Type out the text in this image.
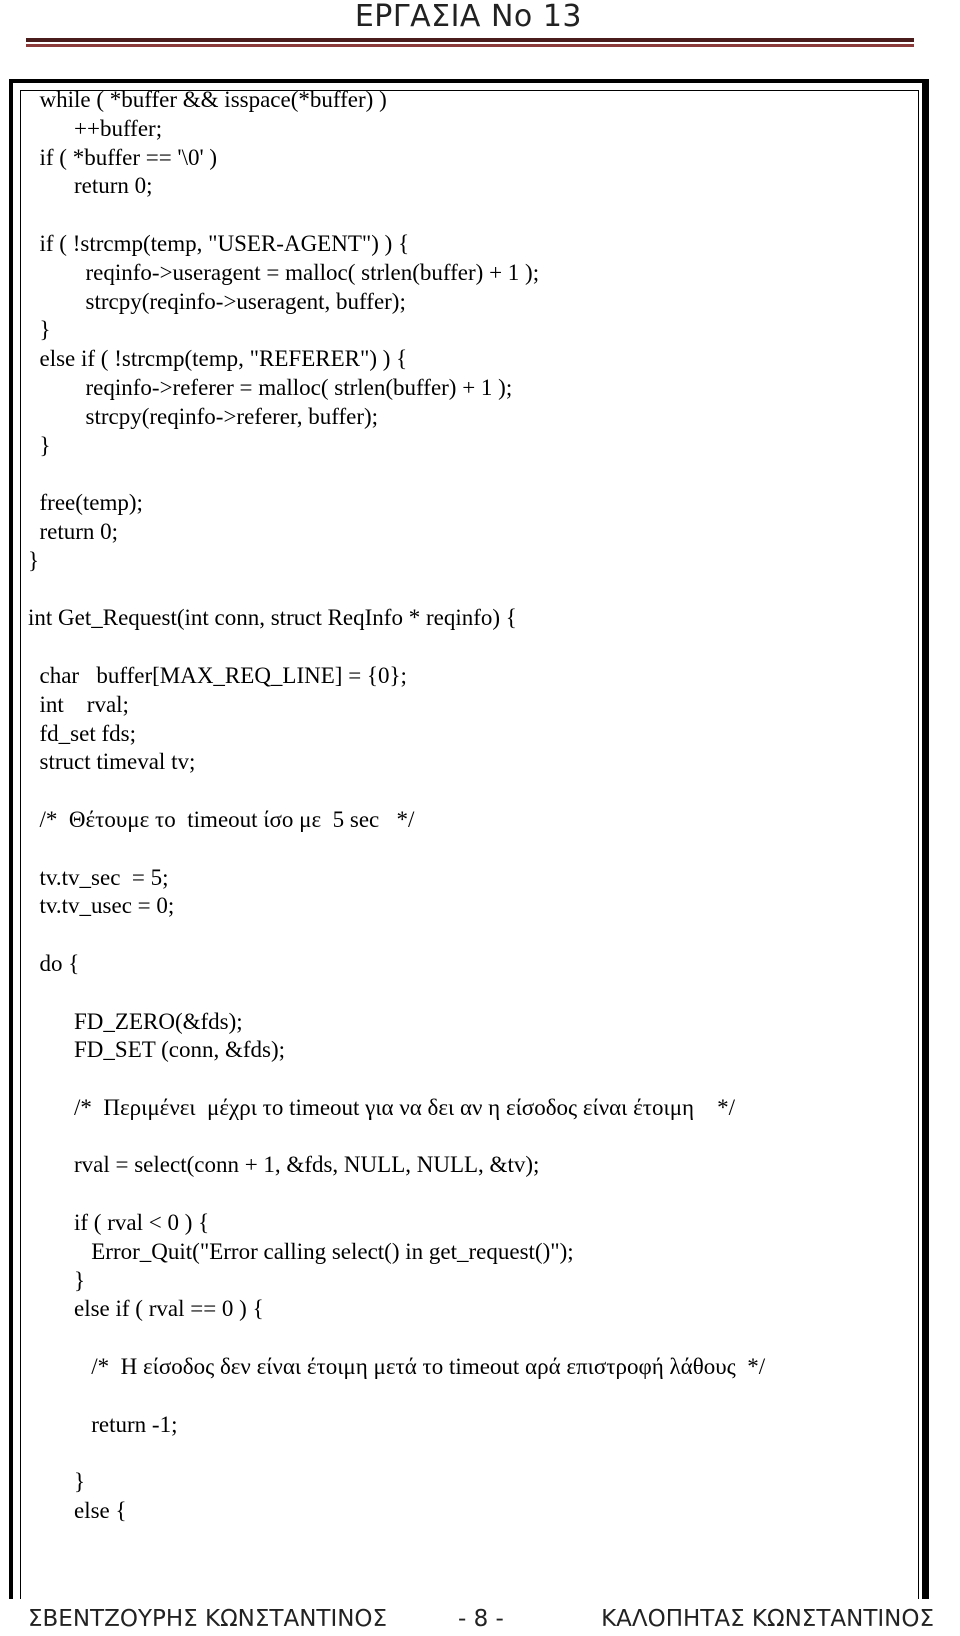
ΕΡΓΑΣΙΑ Νο 13
while ( *buffer && isspace(*buffer) )
++buffer;
if ( *buffer == '\0' )
return 0;
if ( !strcmp(temp, "USER-AGENT") ) {
reqinfo->useragent = malloc( strlen(buffer) + 1 );
strcpy(reqinfo->useragent, buffer);
}
else if ( !strcmp(temp, "REFERER") ) {
reqinfo->referer = malloc( strlen(buffer) + 1 );
strcpy(reqinfo->referer, buffer);
}
free(temp);
return 0;
}
int Get_Request(int conn, struct ReqInfo * reqinfo) {
char   buffer[MAX_REQ_LINE] = {0};
int    rval;
fd_set fds;
struct timeval tv;
/*  Θέτουμε το  timeout ίσο με  5 sec   */
tv.tv_sec  = 5;
tv.tv_usec = 0;
do {
FD_ZERO(&fds);
FD_SET (conn, &fds);
/*  Περιμένει  μέχρι το timeout για να δει αν η είσοδος είναι έτοιμη    */
rval = select(conn + 1, &fds, NULL, NULL, &tv);
if ( rval < 0 ) {
Error_Quit("Error calling select() in get_request()");
}
else if ( rval == 0 ) {
/*  Η είσοδος δεν είναι έτοιμη μετά το timeout αρά επιστροφή λάθους  */
return -1;
}
else {
ΣΒΕΝΤΖΟΥΡΗΣ ΚΩΝΣΤΑΝΤΙΝΟΣ	- 8 -	ΚΑΛΟΠΗΤΑΣ ΚΩΝΣΤΑΝΤΙΝΟΣ
